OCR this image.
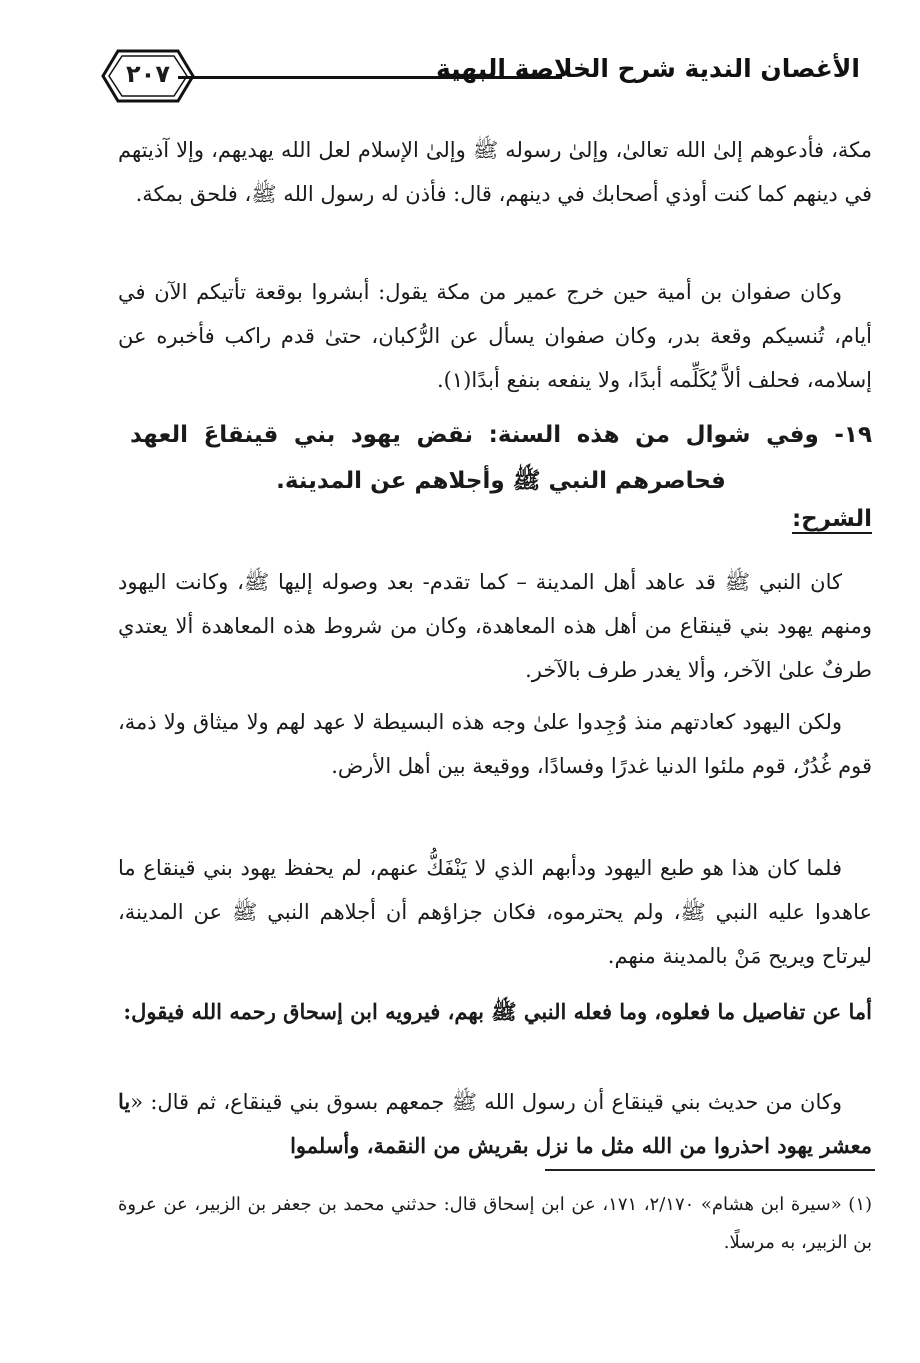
٢٠٧	الأغصان الندية شرح الخلاصة البهية

مكة، فأدعوهم إلىٰ الله تعالىٰ، وإلىٰ رسوله ﷺ وإلىٰ الإسلام لعل الله يهديهم، وإلا آذيتهم في دينهم كما كنت أوذي أصحابك في دينهم، قال: فأذن له رسول الله ﷺ، فلحق بمكة.

وكان صفوان بن أمية حين خرج عمير من مكة يقول: أبشروا بوقعة تأتيكم الآن في أيام، تُنسيكم وقعة بدر، وكان صفوان يسأل عن الرُّكبان، حتىٰ قدم راكب فأخبره عن إسلامه، فحلف ألاَّ يُكَلِّمه أبدًا، ولا ينفعه بنفع أبدًا(١).

١٩- وفي شوال من هذه السنة: نقض يهود بني قينقاعَ العهد فحاصرهم النبي ﷺ وأجلاهم عن المدينة.

الشرح:

كان النبي ﷺ قد عاهد أهل المدينة – كما تقدم- بعد وصوله إليها ﷺ، وكانت اليهود ومنهم يهود بني قينقاع من أهل هذه المعاهدة، وكان من شروط هذه المعاهدة ألا يعتدي طرفٌ علىٰ الآخر، وألا يغدر طرف بالآخر.

ولكن اليهود كعادتهم منذ وُجِدوا علىٰ وجه هذه البسيطة لا عهد لهم ولا ميثاق ولا ذمة، قوم غُدُرٌ، قوم ملئوا الدنيا غدرًا وفسادًا، ووقيعة بين أهل الأرض.

فلما كان هذا هو طبع اليهود ودأبهم الذي لا يَنْفَكُّ عنهم، لم يحفظ يهود بني قينقاع ما عاهدوا عليه النبي ﷺ، ولم يحترموه، فكان جزاؤهم أن أجلاهم النبي ﷺ عن المدينة، ليرتاح ويريح مَنْ بالمدينة منهم.

أما عن تفاصيل ما فعلوه، وما فعله النبي ﷺ بهم، فيرويه ابن إسحاق رحمه الله فيقول:

وكان من حديث بني قينقاع أن رسول الله ﷺ جمعهم بسوق بني قينقاع، ثم قال: «يا معشر يهود احذروا من الله مثل ما نزل بقريش من النقمة، وأسلموا

(١) «سيرة ابن هشام» ٢/١٧٠، ١٧١، عن ابن إسحاق قال: حدثني محمد بن جعفر بن الزبير، عن عروة بن الزبير، به مرسلًا.
